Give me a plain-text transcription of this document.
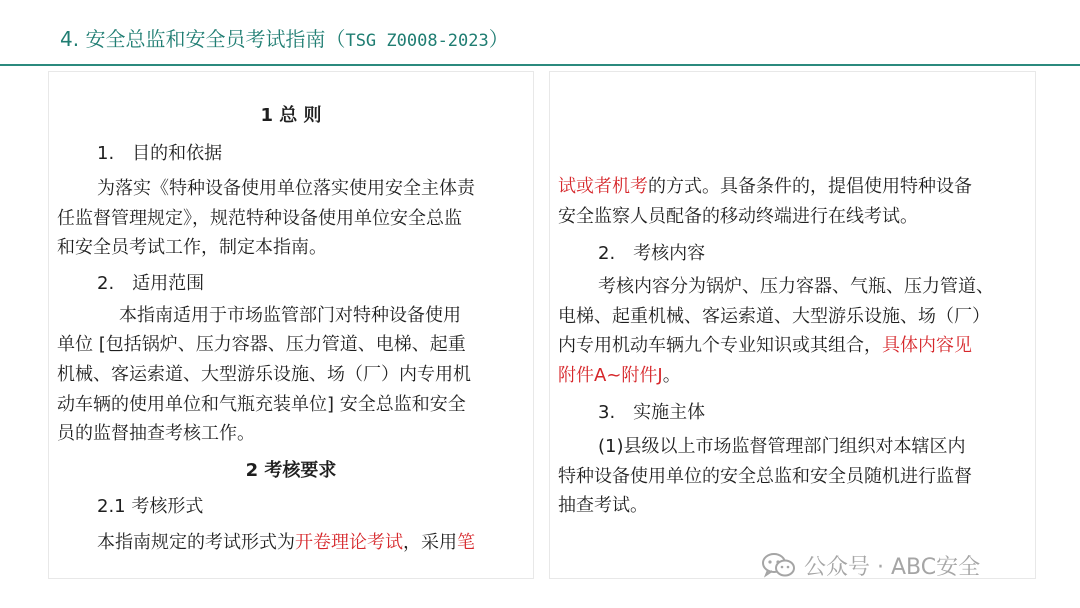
4. 安全总监和安全员考试指南（TSG Z0008-2023）
1 总 则
1.　目的和依据
为落实《特种设备使用单位落实使用安全主体责
任监督管理规定》，规范特种设备使用单位安全总监
和安全员考试工作，制定本指南。
2.　适用范围
本指南适用于市场监管部门对特种设备使用
单位 [包括锅炉、压力容器、压力管道、电梯、起重
机械、客运索道、大型游乐设施、场（厂）内专用机
动车辆的使用单位和气瓶充装单位] 安全总监和安全
员的监督抽查考核工作。
2 考核要求
2.1 考核形式
本指南规定的考试形式为开卷理论考试，采用笔
试或者机考的方式。具备条件的，提倡使用特种设备
安全监察人员配备的移动终端进行在线考试。
2.　考核内容
考核内容分为锅炉、压力容器、气瓶、压力管道、
电梯、起重机械、客运索道、大型游乐设施、场（厂）
内专用机动车辆九个专业知识或其组合，具体内容见
附件A~附件J。
3.　实施主体
(1)县级以上市场监督管理部门组织对本辖区内
特种设备使用单位的安全总监和安全员随机进行监督
抽查考试。
公众号 · ABC安全
